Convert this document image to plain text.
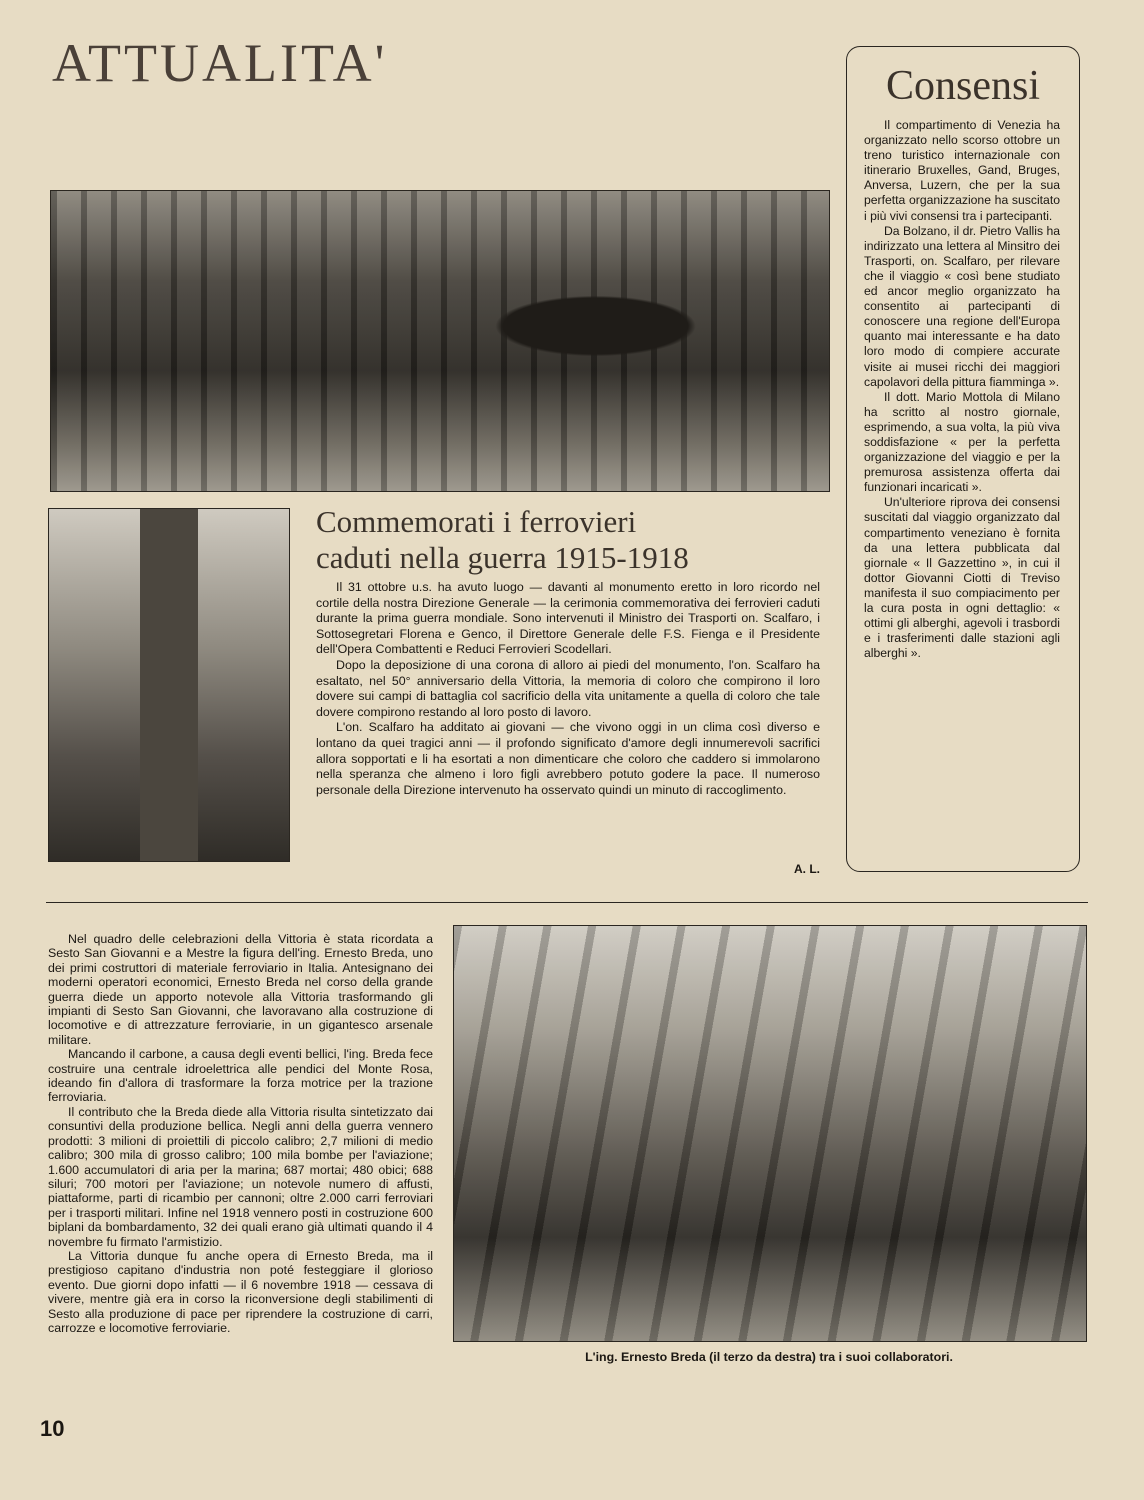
ATTUALITA'
Commemorati i ferrovieri
caduti nella guerra 1915-1918

Il 31 ottobre u.s. ha avuto luogo — davanti al monumento eretto in loro ricordo nel cortile della nostra Direzione Generale — la cerimonia commemorativa dei ferrovieri caduti durante la prima guerra mondiale. Sono intervenuti il Ministro dei Trasporti on. Scalfaro, i Sottosegretari Florena e Genco, il Direttore Generale delle F.S. Fienga e il Presidente dell'Opera Combattenti e Reduci Ferrovieri Scodellari.

Dopo la deposizione di una corona di alloro ai piedi del monumento, l'on. Scalfaro ha esaltato, nel 50° anniversario della Vittoria, la memoria di coloro che compirono il loro dovere sui campi di battaglia col sacrificio della vita unitamente a quella di coloro che tale dovere compirono restando al loro posto di lavoro.

L'on. Scalfaro ha additato ai giovani — che vivono oggi in un clima così diverso e lontano da quei tragici anni — il profondo significato d'amore degli innumerevoli sacrifici allora sopportati e li ha esortati a non dimenticare che coloro che caddero si immolarono nella speranza che almeno i loro figli avrebbero potuto godere la pace. Il numeroso personale della Direzione intervenuto ha osservato quindi un minuto di raccoglimento.

A. L.
Consensi

Il compartimento di Venezia ha organizzato nello scorso ottobre un treno turistico internazionale con itinerario Bruxelles, Gand, Bruges, Anversa, Luzern, che per la sua perfetta organizzazione ha suscitato i più vivi consensi tra i partecipanti.

Da Bolzano, il dr. Pietro Vallis ha indirizzato una lettera al Minsitro dei Trasporti, on. Scalfaro, per rilevare che il viaggio « così bene studiato ed ancor meglio organizzato ha consentito ai partecipanti di conoscere una regione dell'Europa quanto mai interessante e ha dato loro modo di compiere accurate visite ai musei ricchi dei maggiori capolavori della pittura fiamminga ».

Il dott. Mario Mottola di Milano ha scritto al nostro giornale, esprimendo, a sua volta, la più viva soddisfazione « per la perfetta organizzazione del viaggio e per la premurosa assistenza offerta dai funzionari incaricati ».

Un'ulteriore riprova dei consensi suscitati dal viaggio organizzato dal compartimento veneziano è fornita da una lettera pubblicata dal giornale « Il Gazzettino », in cui il dottor Giovanni Ciotti di Treviso manifesta il suo compiacimento per la cura posta in ogni dettaglio: « ottimi gli alberghi, agevoli i trasbordi e i trasferimenti dalle stazioni agli alberghi ».

Nel quadro delle celebrazioni della Vittoria è stata ricordata a Sesto San Giovanni e a Mestre la figura dell'ing. Ernesto Breda, uno dei primi costruttori di materiale ferroviario in Italia. Antesignano dei moderni operatori economici, Ernesto Breda nel corso della grande guerra diede un apporto notevole alla Vittoria trasformando gli impianti di Sesto San Giovanni, che lavoravano alla costruzione di locomotive e di attrezzature ferroviarie, in un gigantesco arsenale militare.

Mancando il carbone, a causa degli eventi bellici, l'ing. Breda fece costruire una centrale idroelettrica alle pendici del Monte Rosa, ideando fin d'allora di trasformare la forza motrice per la trazione ferroviaria.

Il contributo che la Breda diede alla Vittoria risulta sintetizzato dai consuntivi della produzione bellica. Negli anni della guerra vennero prodotti: 3 milioni di proiettili di piccolo calibro; 2,7 milioni di medio calibro; 300 mila di grosso calibro; 100 mila bombe per l'aviazione; 1.600 accumulatori di aria per la marina; 687 mortai; 480 obici; 688 siluri; 700 motori per l'aviazione; un notevole numero di affusti, piattaforme, parti di ricambio per cannoni; oltre 2.000 carri ferroviari per i trasporti militari. Infine nel 1918 vennero posti in costruzione 600 biplani da bombardamento, 32 dei quali erano già ultimati quando il 4 novembre fu firmato l'armistizio.

La Vittoria dunque fu anche opera di Ernesto Breda, ma il prestigioso capitano d'industria non poté festeggiare il glorioso evento. Due giorni dopo infatti — il 6 novembre 1918 — cessava di vivere, mentre già era in corso la riconversione degli stabilimenti di Sesto alla produzione di pace per riprendere la costruzione di carri, carrozze e locomotive ferroviarie.

L'ing. Ernesto Breda (il terzo da destra) tra i suoi collaboratori.
10
